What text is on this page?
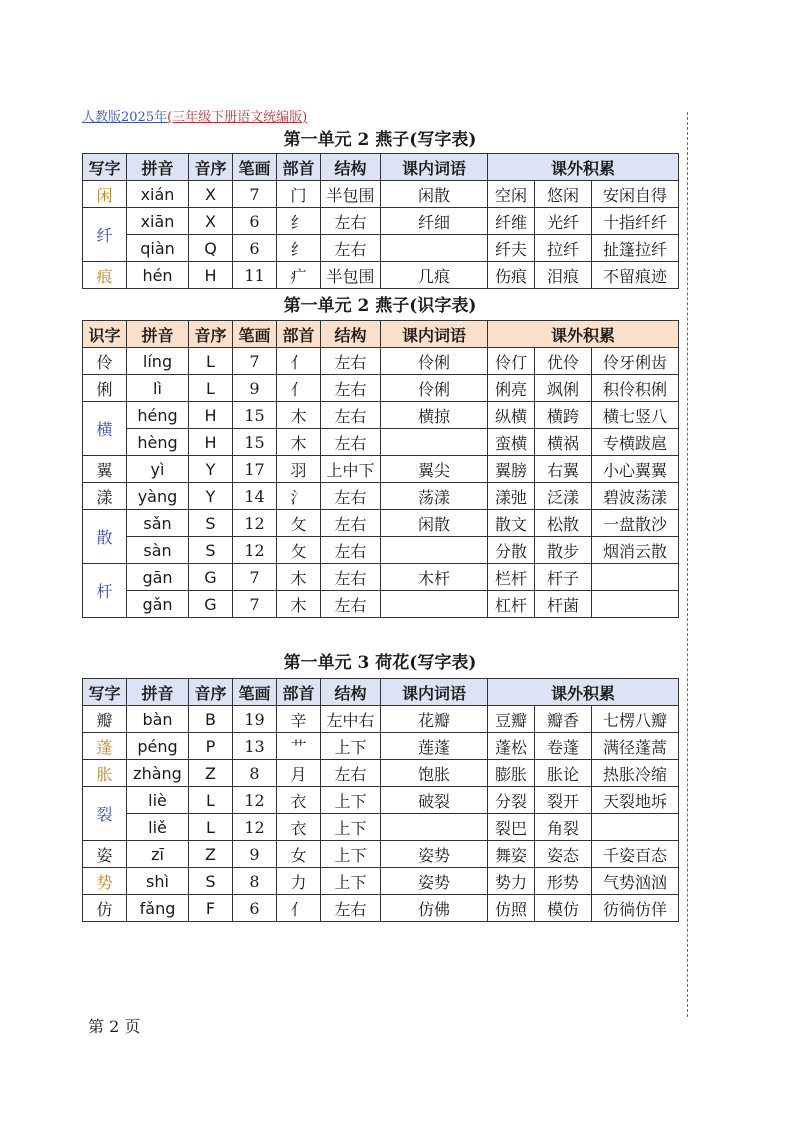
人教版2025年(三年级下册语文统编版)
第一单元 2 燕子(写字表)
写字	拼音	音序	笔画	部首	结构	课内词语	课外积累		
闲	xián	X	7	门	半包围	闲散	空闲	悠闲	安闲自得
纤	xiān	X	6	纟	左右	纤细	纤维	光纤	十指纤纤
	qiàn	Q	6	纟	左右		纤夫	拉纤	扯篷拉纤
痕	hén	H	11	疒	半包围	几痕	伤痕	泪痕	不留痕迹
第一单元 2 燕子(识字表)
识字	拼音	音序	笔画	部首	结构	课内词语	课外积累		
伶	líng	L	7	亻	左右	伶俐	伶仃	优伶	伶牙俐齿
俐	lì	L	9	亻	左右	伶俐	俐亮	飒俐	积伶积俐
横	héng	H	15	木	左右	横掠	纵横	横跨	横七竖八
	hèng	H	15	木	左右		蛮横	横祸	专横跋扈
翼	yì	Y	17	羽	上中下	翼尖	翼膀	右翼	小心翼翼
漾	yàng	Y	14	氵	左右	荡漾	漾弛	泛漾	碧波荡漾
散	sǎn	S	12	攵	左右	闲散	散文	松散	一盘散沙
	sàn	S	12	攵	左右		分散	散步	烟消云散
杆	gān	G	7	木	左右	木杆	栏杆	杆子	
	gǎn	G	7	木	左右		杠杆	杆菌	
第一单元 3 荷花(写字表)
写字	拼音	音序	笔画	部首	结构	课内词语	课外积累		
瓣	bàn	B	19	辛	左中右	花瓣	豆瓣	瓣香	七楞八瓣
蓬	péng	P	13	艹	上下	莲蓬	蓬松	卷蓬	满径蓬蒿
胀	zhàng	Z	8	月	左右	饱胀	膨胀	胀论	热胀冷缩
裂	liè	L	12	衣	上下	破裂	分裂	裂开	天裂地坼
	liě	L	12	衣	上下		裂巴	角裂	
姿	zī	Z	9	女	上下	姿势	舞姿	姿态	千姿百态
势	shì	S	8	力	上下	姿势	势力	形势	气势汹汹
仿	fǎng	F	6	亻	左右	仿佛	仿照	模仿	彷徜仿佯
第 2 页
